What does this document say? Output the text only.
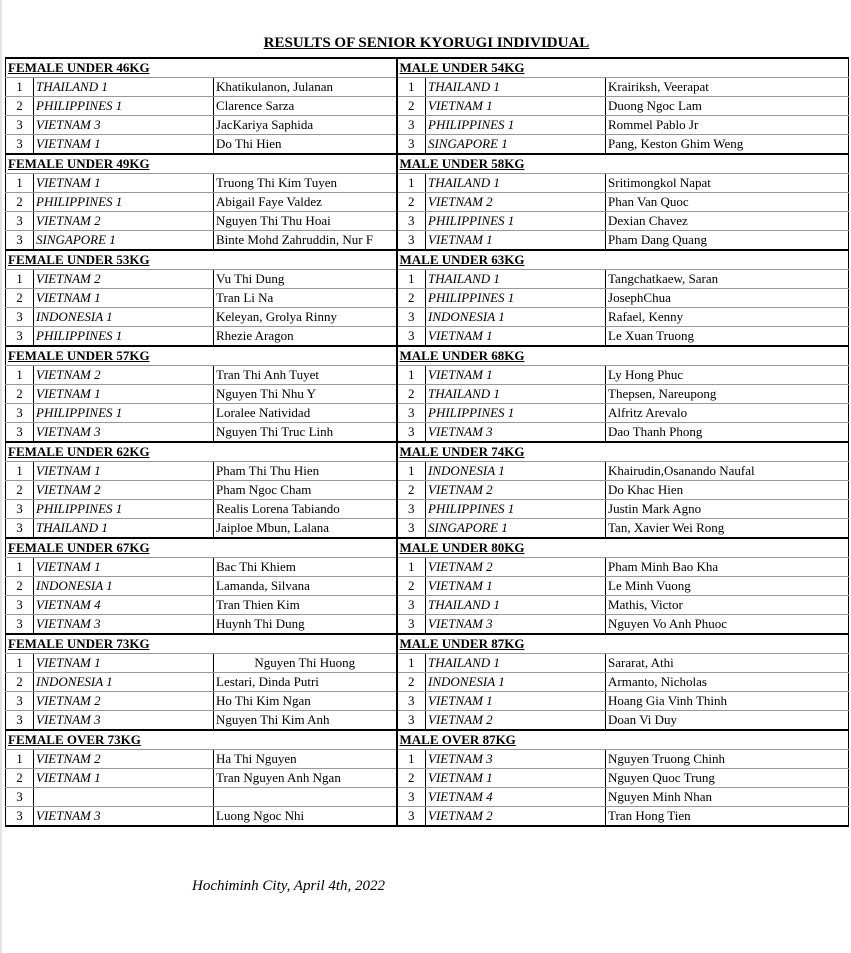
RESULTS OF SENIOR KYORUGI INDIVIDUAL
FEMALE UNDER 46KG			MALE UNDER 54KG		
1	THAILAND 1	Khatikulanon, Julanan	1	THAILAND 1	Krairiksh, Veerapat
2	PHILIPPINES 1	Clarence Sarza	2	VIETNAM 1	Duong Ngoc Lam
3	VIETNAM 3	JacKariya Saphida	3	PHILIPPINES 1	Rommel Pablo Jr
3	VIETNAM 1	Do Thi Hien	3	SINGAPORE 1	Pang, Keston Ghim Weng
FEMALE UNDER 49KG			MALE UNDER 58KG		
1	VIETNAM 1	Truong Thi Kim Tuyen	1	THAILAND 1	Sritimongkol Napat
2	PHILIPPINES 1	Abigail Faye Valdez	2	VIETNAM 2	Phan Van Quoc
3	VIETNAM 2	Nguyen Thi Thu Hoai	3	PHILIPPINES 1	Dexian Chavez
3	SINGAPORE 1	Binte Mohd Zahruddin, Nur F	3	VIETNAM 1	Pham Dang Quang
FEMALE UNDER 53KG			MALE UNDER 63KG		
1	VIETNAM 2	Vu Thi Dung	1	THAILAND 1	Tangchatkaew, Saran
2	VIETNAM 1	Tran Li Na	2	PHILIPPINES 1	JosephChua
3	INDONESIA 1	Keleyan, Grolya Rinny	3	INDONESIA 1	Rafael, Kenny
3	PHILIPPINES 1	Rhezie Aragon	3	VIETNAM 1	Le Xuan Truong
FEMALE UNDER 57KG			MALE UNDER 68KG		
1	VIETNAM 2	Tran Thi Anh Tuyet	1	VIETNAM 1	Ly Hong Phuc
2	VIETNAM 1	Nguyen Thi Nhu Y	2	THAILAND 1	Thepsen, Nareupong
3	PHILIPPINES 1	Loralee Natividad	3	PHILIPPINES 1	Alfritz Arevalo
3	VIETNAM 3	Nguyen Thi Truc Linh	3	VIETNAM 3	Dao Thanh Phong
FEMALE UNDER 62KG			MALE UNDER 74KG		
1	VIETNAM 1	Pham Thi Thu Hien	1	INDONESIA 1	Khairudin,Osanando Naufal
2	VIETNAM 2	Pham Ngoc Cham	2	VIETNAM 2	Do Khac Hien
3	PHILIPPINES 1	Realis Lorena Tabiando	3	PHILIPPINES 1	Justin Mark Agno
3	THAILAND 1	Jaiploe Mbun, Lalana	3	SINGAPORE 1	Tan, Xavier Wei Rong
FEMALE UNDER 67KG			MALE UNDER 80KG		
1	VIETNAM 1	Bac Thi Khiem	1	VIETNAM 2	Pham Minh Bao Kha
2	INDONESIA 1	Lamanda, Silvana	2	VIETNAM 1	Le Minh Vuong
3	VIETNAM 4	Tran Thien Kim	3	THAILAND 1	Mathis, Victor
3	VIETNAM 3	Huynh Thi Dung	3	VIETNAM 3	Nguyen Vo Anh Phuoc
FEMALE UNDER 73KG			MALE UNDER 87KG		
1	VIETNAM 1	Nguyen Thi Huong	1	THAILAND 1	Sararat, Athi
2	INDONESIA 1	Lestari, Dinda Putri	2	INDONESIA 1	Armanto, Nicholas
3	VIETNAM 2	Ho Thi Kim Ngan	3	VIETNAM 1	Hoang Gia Vinh Thinh
3	VIETNAM 3	Nguyen Thi Kim Anh	3	VIETNAM 2	Doan Vi Duy
FEMALE OVER 73KG			MALE OVER 87KG		
1	VIETNAM 2	Ha Thi Nguyen	1	VIETNAM 3	Nguyen Truong Chinh
2	VIETNAM 1	Tran Nguyen Anh Ngan	2	VIETNAM 1	Nguyen Quoc Trung
3			3	VIETNAM 4	Nguyen Minh Nhan
3	VIETNAM 3	Luong Ngoc Nhi	3	VIETNAM 2	Tran Hong Tien
Hochiminh City, April 4th, 2022
